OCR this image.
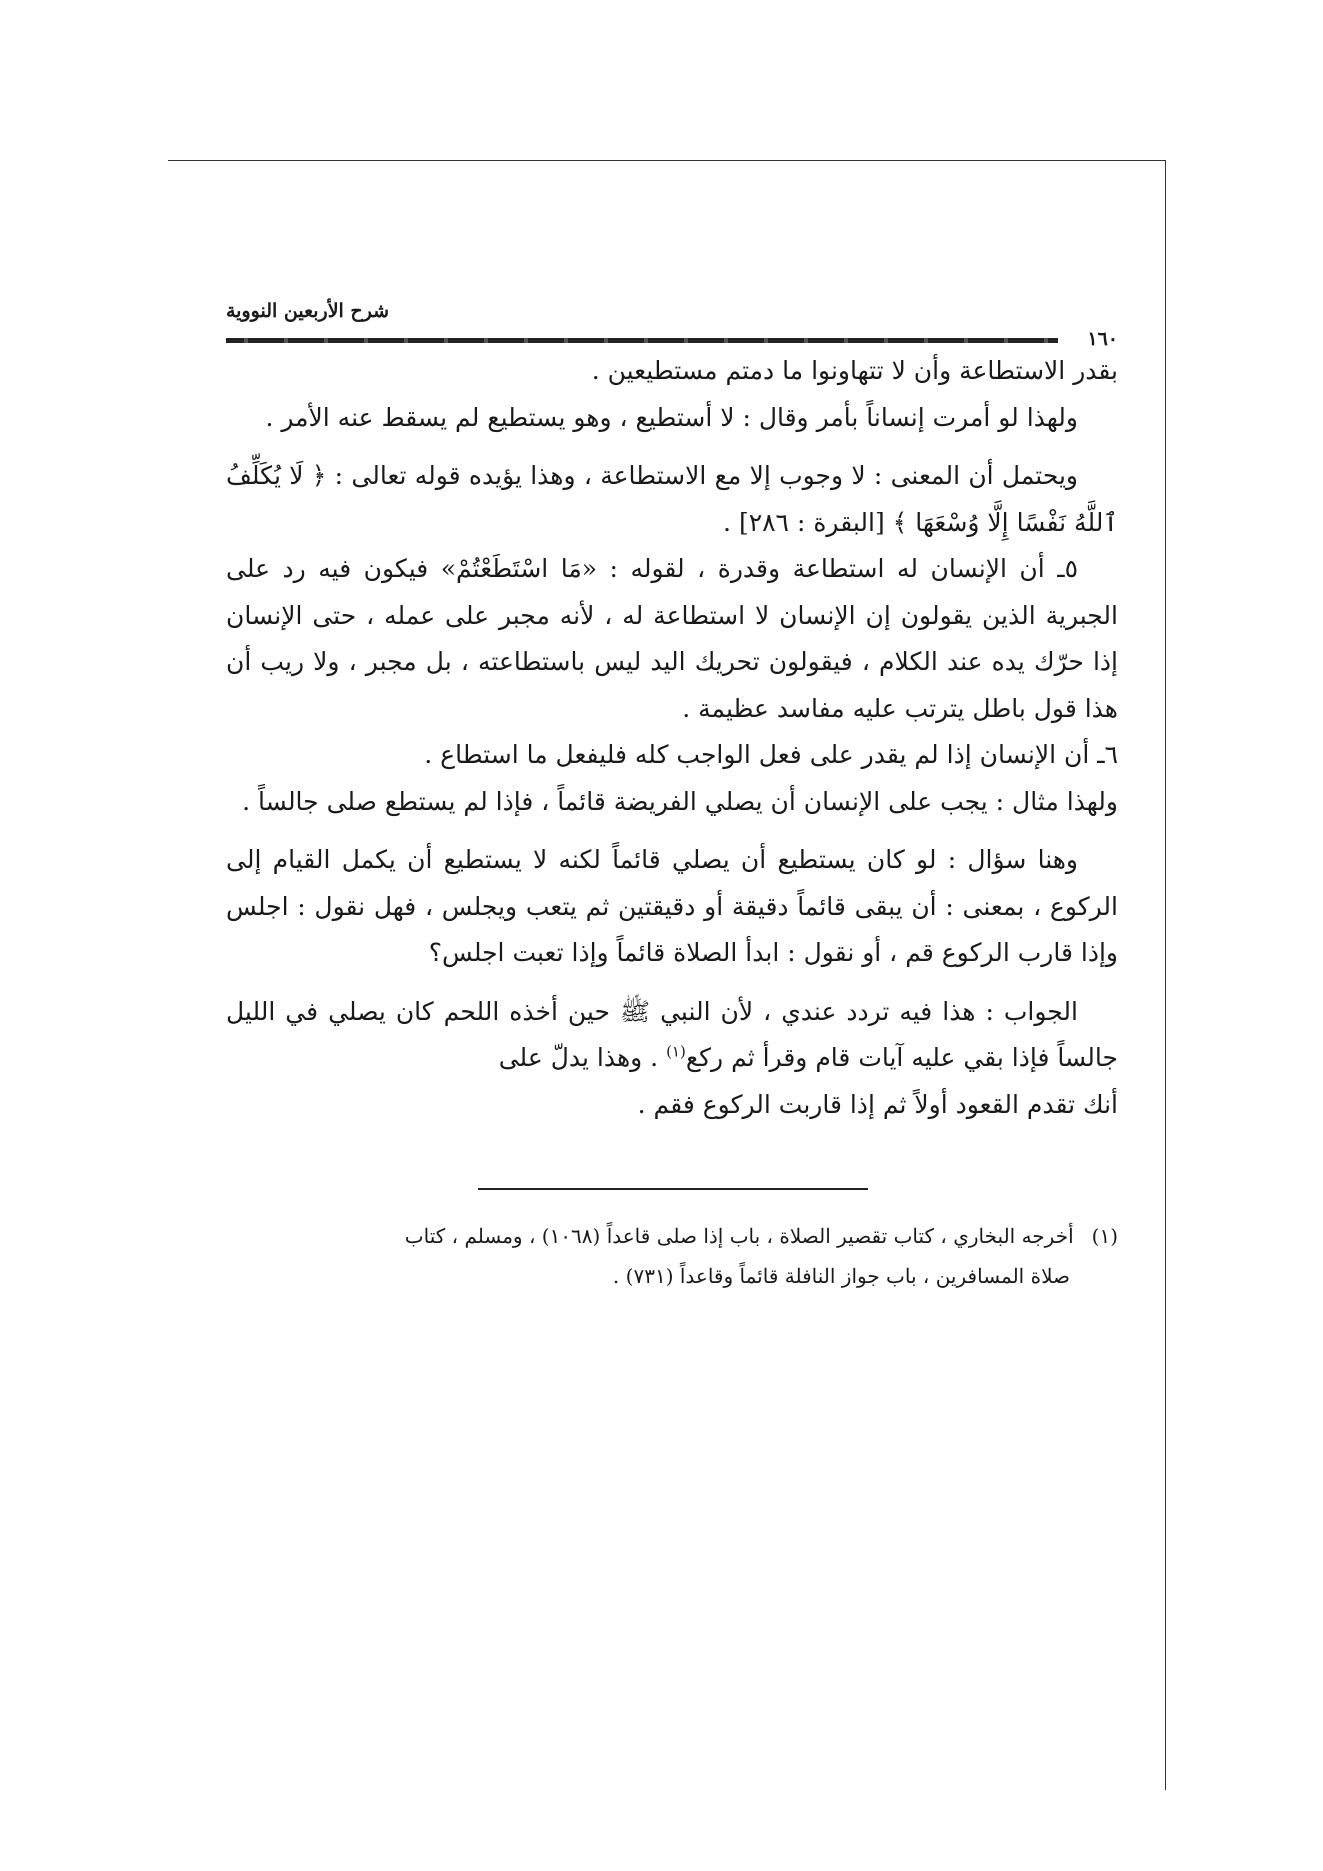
شرح الأربعين النووية
١٦٠

بقدر الاستطاعة وأن لا تتهاونوا ما دمتم مستطيعين .

ولهذا لو أمرت إنساناً بأمر وقال : لا أستطيع ، وهو يستطيع لم يسقط عنه الأمر .

ويحتمل أن المعنى : لا وجوب إلا مع الاستطاعة ، وهذا يؤيده قوله تعالى : ﴿ لَا يُكَلِّفُ ٱللَّهُ نَفْسًا إِلَّا وُسْعَهَا ﴾ [البقرة : ٢٨٦] .

٥ـ أن الإنسان له استطاعة وقدرة ، لقوله : «مَا اسْتَطَعْتُمْ» فيكون فيه رد على الجبرية الذين يقولون إن الإنسان لا استطاعة له ، لأنه مجبر على عمله ، حتى الإنسان إذا حرّك يده عند الكلام ، فيقولون تحريك اليد ليس باستطاعته ، بل مجبر ، ولا ريب أن هذا قول باطل يترتب عليه مفاسد عظيمة .

٦ـ أن الإنسان إذا لم يقدر على فعل الواجب كله فليفعل ما استطاع .

ولهذا مثال : يجب على الإنسان أن يصلي الفريضة قائماً ، فإذا لم يستطع صلى جالساً .

وهنا سؤال : لو كان يستطيع أن يصلي قائماً لكنه لا يستطيع أن يكمل القيام إلى الركوع ، بمعنى : أن يبقى قائماً دقيقة أو دقيقتين ثم يتعب ويجلس ، فهل نقول : اجلس وإذا قارب الركوع قم ، أو نقول : ابدأ الصلاة قائماً وإذا تعبت اجلس؟

الجواب : هذا فيه تردد عندي ، لأن النبي ﷺ حين أخذه اللحم كان يصلي في الليل جالساً فإذا بقي عليه آيات قام وقرأ ثم ركع$^{(١)}$ . وهذا يدلّ على

أنك تقدم القعود أولاً ثم إذا قاربت الركوع فقم .

(١)أخرجه البخاري ، كتاب تقصير الصلاة ، باب إذا صلى قاعداً (١٠٦٨) ، ومسلم ، كتاب

صلاة المسافرين ، باب جواز النافلة قائماً وقاعداً (٧٣١) .
